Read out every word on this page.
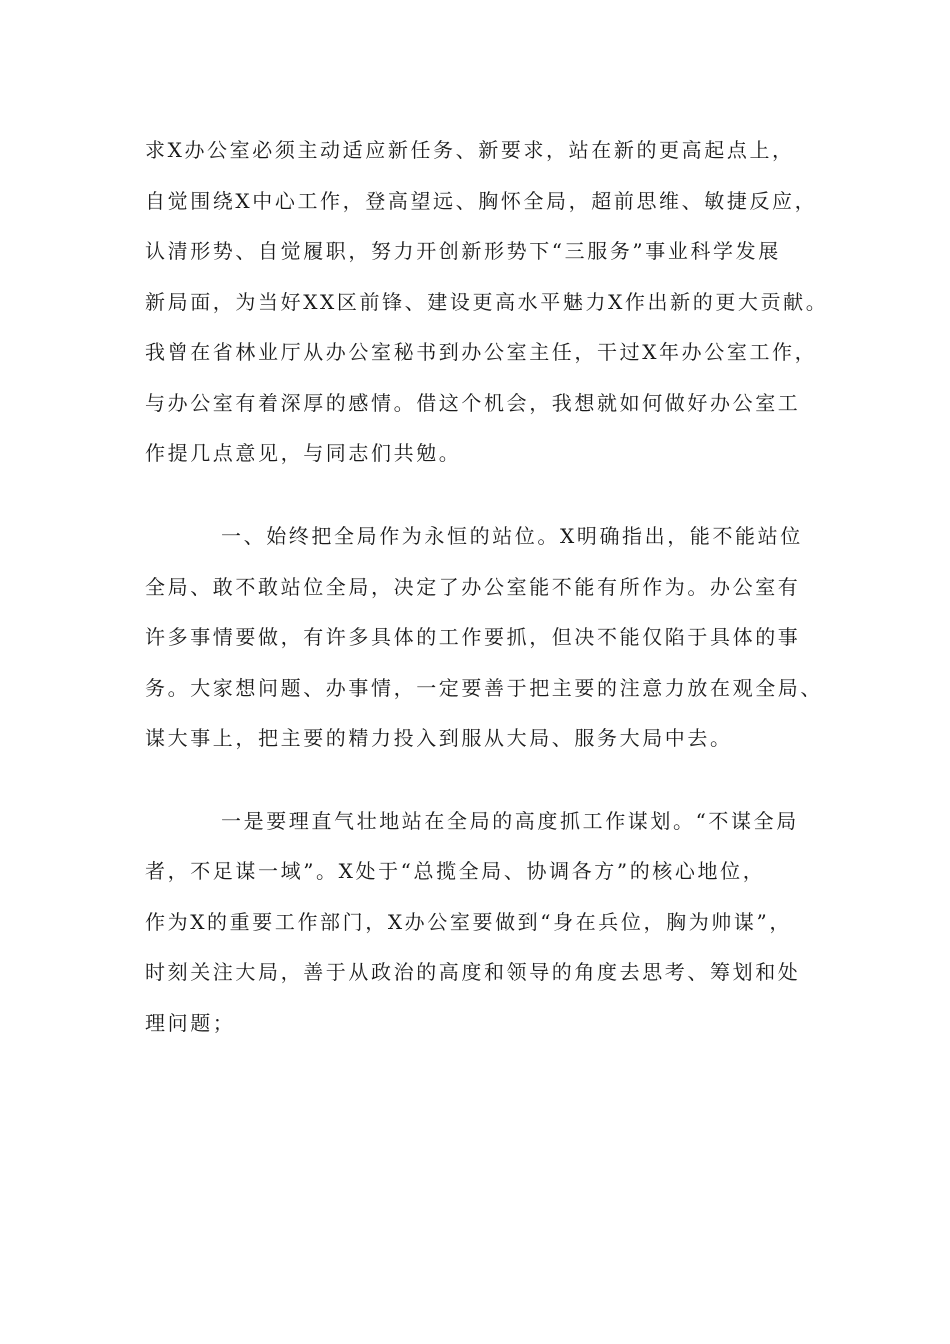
求X办公室必须主动适应新任务、新要求，站在新的更高起点上，

自觉围绕X中心工作，登高望远、胸怀全局，超前思维、敏捷反应，

认清形势、自觉履职，努力开创新形势下“三服务”事业科学发展

新局面，为当好XX区前锋、建设更高水平魅力X作出新的更大贡献。

我曾在省林业厅从办公室秘书到办公室主任，干过X年办公室工作，

与办公室有着深厚的感情。借这个机会，我想就如何做好办公室工

作提几点意见，与同志们共勉。

一、始终把全局作为永恒的站位。X明确指出，能不能站位

全局、敢不敢站位全局，决定了办公室能不能有所作为。办公室有

许多事情要做，有许多具体的工作要抓，但决不能仅陷于具体的事

务。大家想问题、办事情，一定要善于把主要的注意力放在观全局、

谋大事上，把主要的精力投入到服从大局、服务大局中去。

一是要理直气壮地站在全局的高度抓工作谋划。“不谋全局

者，不足谋一域”。X处于“总揽全局、协调各方”的核心地位，

作为X的重要工作部门，X办公室要做到“身在兵位，胸为帅谋”，

时刻关注大局，善于从政治的高度和领导的角度去思考、筹划和处

理问题；
